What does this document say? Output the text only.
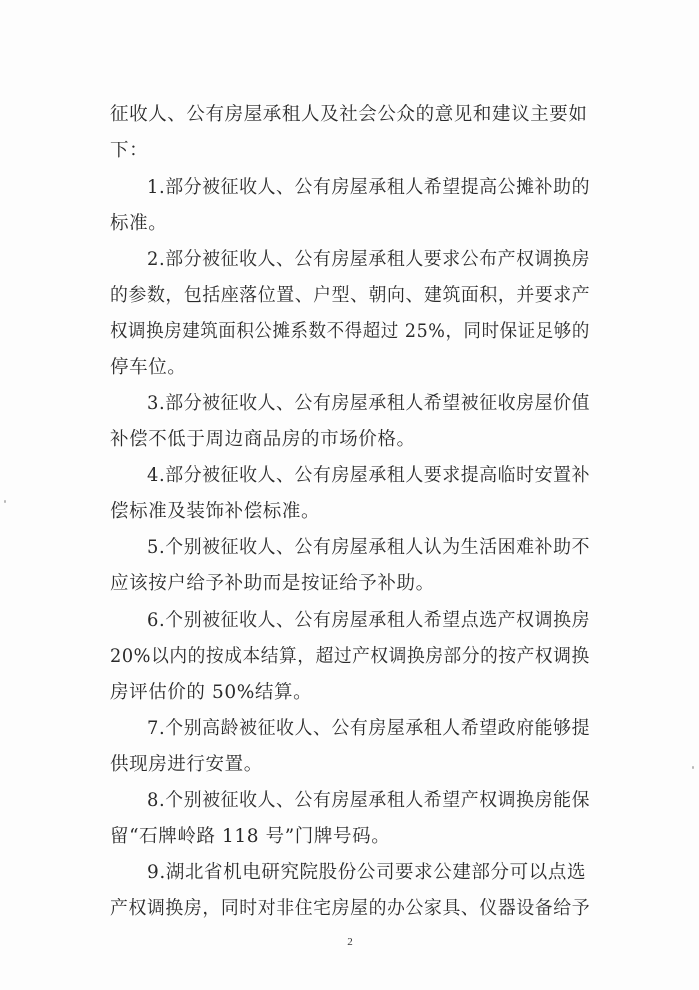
征收人、公有房屋承租人及社会公众的意见和建议主要如
下：
1.部分被征收人、公有房屋承租人希望提高公摊补助的
标准。
2.部分被征收人、公有房屋承租人要求公布产权调换房
的参数，包括座落位置、户型、朝向、建筑面积，并要求产
权调换房建筑面积公摊系数不得超过 25%，同时保证足够的
停车位。
3.部分被征收人、公有房屋承租人希望被征收房屋价值
补偿不低于周边商品房的市场价格。
4.部分被征收人、公有房屋承租人要求提高临时安置补
偿标准及装饰补偿标准。
5.个别被征收人、公有房屋承租人认为生活困难补助不
应该按户给予补助而是按证给予补助。
6.个别被征收人、公有房屋承租人希望点选产权调换房
20%以内的按成本结算，超过产权调换房部分的按产权调换
房评估价的 50%结算。
7.个别高龄被征收人、公有房屋承租人希望政府能够提
供现房进行安置。
8.个别被征收人、公有房屋承租人希望产权调换房能保
留“石牌岭路 118 号”门牌号码。
9.湖北省机电研究院股份公司要求公建部分可以点选
产权调换房，同时对非住宅房屋的办公家具、仪器设备给予
2
